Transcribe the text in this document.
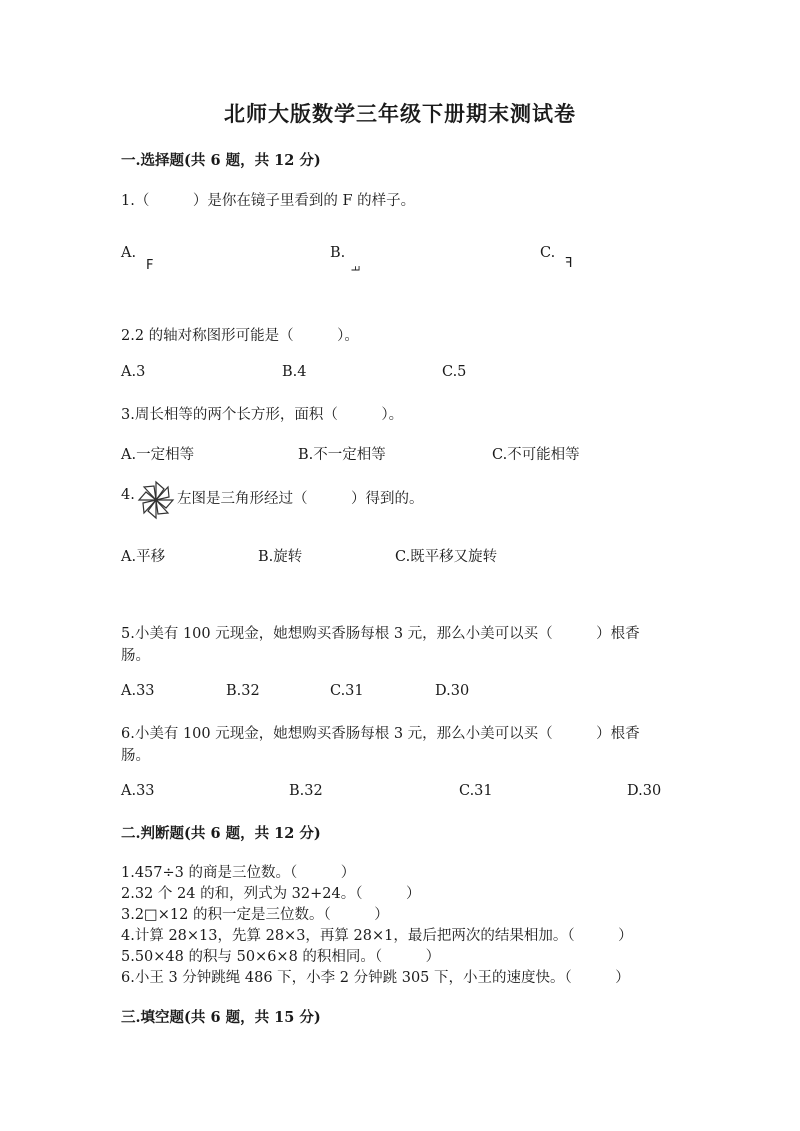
北师大版数学三年级下册期末测试卷
一.选择题(共 6 题，共 12 分)
1.（　　　）是你在镜子里看到的 F 的样子。
A.
F
B.
F
C.
F
2.2 的轴对称图形可能是（　　　）。
A.3	B.4	C.5
3.周长相等的两个长方形，面积（　　　）。
A.一定相等	B.不一定相等	C.不可能相等
4.	左图是三角形经过（　　　）得到的。
A.平移	B.旋转	C.既平移又旋转
5.小美有 100 元现金，她想购买香肠每根 3 元，那么小美可以买（　　　）根香
肠。
A.33	B.32	C.31	D.30
6.小美有 100 元现金，她想购买香肠每根 3 元，那么小美可以买（　　　）根香
肠。
A.33	B.32	C.31	D.30
二.判断题(共 6 题，共 12 分)
1.457÷3 的商是三位数。（　　　）
2.32 个 24 的和，列式为 32+24。（　　　）
3.2□×12 的积一定是三位数。（　　　）
4.计算 28×13，先算 28×3，再算 28×1，最后把两次的结果相加。（　　　）
5.50×48 的积与 50×6×8 的积相同。（　　　）
6.小王 3 分钟跳绳 486 下，小李 2 分钟跳 305 下，小王的速度快。（　　　）
三.填空题(共 6 题，共 15 分)
